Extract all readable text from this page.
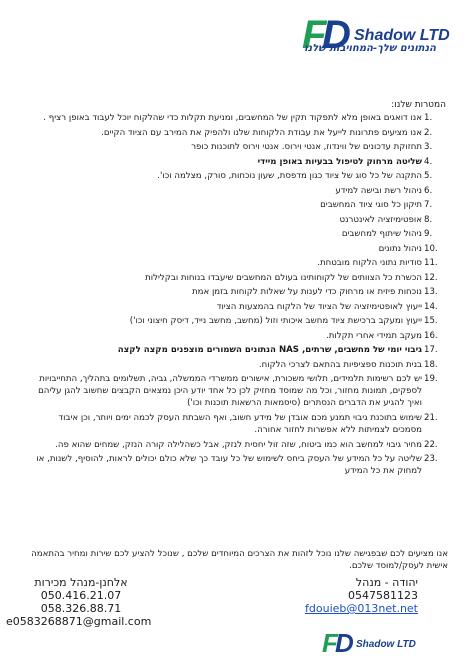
F
D Shadow LTD
הנתונים שלך-המחויבות שלנו
המטרות שלנו:
1.
אנו דואגים באופן מלא לתפקוד תקין של המחשבים, ומניעת תקלות כדי שהלקוח יוכל לעבוד באופן רציף .
2.
אנו מציעים פתרונות לייעל את עבודת הלקוחות שלנו ולהפיק את המירב עם הציוד הקיים.
3.
תחזוקת עדכונים של ווינדוז, אנטי וירוס. אנטי וירוס לתוכנות כופר
4.
שליטה מרחוק לטיפול בבעיות באופן מיידי
5.
התקנה של כל סוג של ציוד כגון מדפסת, שעון נוכחות, סורק, מצלמה וכו'.
6.
ניהול רשת ובישה למידע
7.
תיקון כל סוגי ציוד המחשבים
8.
אופטימיזציה לאינטרנט
9.
ניהול שיתוף למחשבים
10.
ניהול נתונים
11.
סודיות נתוני הלקוח מובטחת.
12.
הכשרת כל הצוותים של לקוחותינו בעולם המחשבים שיעבדו בנוחות ובקלילות
13.
נוכחות פיזית או מרחוק כדי לענות על שאלות לקוחות בזמן אמת
14.
ייעוץ לאופטימיזציה של הציוד של הלקוח בהמצעות הציוד
15.
ייעוץ ומעקב ברכישת ציוד מחשב איכותי וזול (מחשב, מחשב נייד, דיסק חיצוני וכו')
16.
מעקב תמידי אחרי תקלות.
17.
גיבוי יומי של מחשבים, שרתים, NAS הנתונים השמורים מוצפנים מקצה לקצה
18.
בנית תוכנות ספציפיות בהתאם לצרכי הלקוח.
19.
יש לכם רשימות תלמידים, תלושי משכורת, אישורים ממשרדי הממשלה, גביה, תשלומים בתהליך, התחייבויות לספקים, תמונות מחזור, וכל מה שמוסד מחזיק לכן כל אחד יודע היכן נמצאים הקבצים שחשוב להגן עליהם ואיך להגיע את הדברים הנסתרים (סיסמאות הרשאות תוכנות וכו')
21.
שימוש בתוכנת גיבוי תמנע מכם אובדן של מידע חשוב, ואף השבתת העסק לכמה ימים ויותר, וכן איבוד מסמכים לצמיתות ללא אפשרות לחזור אחורה.
22.
מחיר גיבוי למחשב הוא כמו ביטוח, שזה זול יחסית לנזק, אבל כשהלילה קורה הנזק, שמחים שהוא פה.
23.
שליטה על כל המידע של העסק ביחס לשימוש של כל עובד כך שלא כולם יכולים לראות, להוסיף, לשנות, או למחוק את כל המידע
אנו מציעים לכם שבפגישה שלנו נוכל לזהות את הצרכים המיוחדים שלכם , שנוכל להציע לכם שירות ומחיר בהתאמה אישית לעסק/למוסד שלכם.
יהודה - מנהל
0547581123
fdouieb@013net.net
אלחנן-מנהל מכירות
050.416.21.07
058.326.88.71
e0583268871@gmail.com
F
D Shadow LTD
